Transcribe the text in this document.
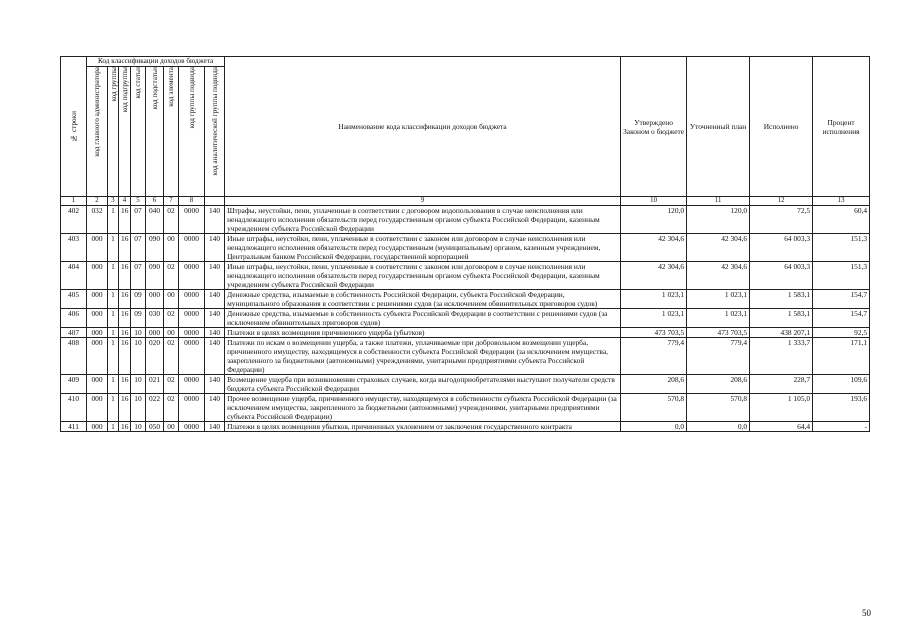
№ строки	Код классификации доходов бюджета								Наименование кода классификации доходов бюджета	Утверждено Законом о бюджете	Уточненный план	Исполнено	Процент исполнения

	код главного администратора	код группы	код подгруппы	код статьи	код подстатьи	код элемента	код группы подвида	код аналитической группы подвида					

1	2	3	4	5	6	7	8		9	10	11	12	13
402	032	1	16	07	040	02	0000	140	Штрафы, неустойки, пени, уплаченные в соответствии с договором водопользования в случае неисполнения или ненадлежащего исполнения обязательств перед государственным органом субъекта Российской Федерации, казенным учреждением субъекта Российской Федерации	120,0	120,0	72,5	60,4
403	000	1	16	07	090	00	0000	140	Иные штрафы, неустойки, пени, уплаченные в соответствии с законом или договором в случае неисполнения или ненадлежащего исполнения обязательств перед государственным (муниципальным) органом, казенным учреждением, Центральным банком Российской Федерации, государственной корпорацией	42 304,6	42 304,6	64 003,3	151,3
404	000	1	16	07	090	02	0000	140	Иные штрафы, неустойки, пени, уплаченные в соответствии с законом или договором в случае неисполнения или ненадлежащего исполнения обязательств перед государственным органом субъекта Российской Федерации, казенным учреждением субъекта Российской Федерации	42 304,6	42 304,6	64 003,3	151,3
405	000	1	16	09	000	00	0000	140	Денежные средства, изымаемые в собственность Российской Федерации, субъекта Российской Федерации, муниципального образования в соответствии с решениями судов (за исключением обвинительных приговоров судов)	1 023,1	1 023,1	1 583,1	154,7
406	000	1	16	09	030	02	0000	140	Денежные средства, изымаемые в собственность субъекта Российской Федерации в соответствии с решениями судов (за исключением обвинительных приговоров судов)	1 023,1	1 023,1	1 583,1	154,7
407	000	1	16	10	000	00	0000	140	Платежи в целях возмещения причиненного ущерба (убытков)	473 703,5	473 703,5	438 207,1	92,5
408	000	1	16	10	020	02	0000	140	Платежи по искам о возмещении ущерба, а также платежи, уплачиваемые при добровольном возмещении ущерба, причиненного имуществу, находящемуся в собственности субъекта Российской Федерации (за исключением имущества, закрепленного за бюджетными (автономными) учреждениями, унитарными предприятиями субъекта Российской Федерации)	779,4	779,4	1 333,7	171,1
409	000	1	16	10	021	02	0000	140	Возмещение ущерба при возникновении страховых случаев, когда выгодоприобретателями выступают получатели средств бюджета субъекта Российской Федерации	208,6	208,6	228,7	109,6
410	000	1	16	10	022	02	0000	140	Прочее возмещение ущерба, причиненного имуществу, находящемуся в собственности субъекта Российской Федерации (за исключением имущества, закрепленного за бюджетными (автономными) учреждениями, унитарными предприятиями субъекта Российской Федерации)	570,8	570,8	1 105,0	193,6
411	000	1	16	10	050	00	0000	140	Платежи в целях возмещения убытков, причиненных уклонением от заключения государственного контракта	0,0	0,0	64,4	-
50
